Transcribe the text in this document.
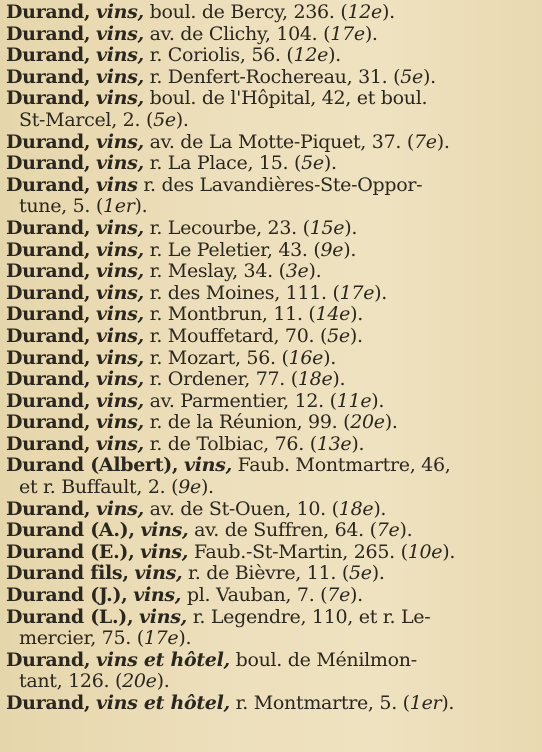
Durand, vins, boul. de Bercy, 236. (12e).
Durand, vins, av. de Clichy, 104. (17e).
Durand, vins, r. Coriolis, 56. (12e).
Durand, vins, r. Denfert-Rochereau, 31. (5e).
Durand, vins, boul. de l'Hôpital, 42, et boul.
St-Marcel, 2. (5e).
Durand, vins, av. de La Motte-Piquet, 37. (7e).
Durand, vins, r. La Place, 15. (5e).
Durand, vins r. des Lavandières-Ste-Oppor-
tune, 5. (1er).
Durand, vins, r. Lecourbe, 23. (15e).
Durand, vins, r. Le Peletier, 43. (9e).
Durand, vins, r. Meslay, 34. (3e).
Durand, vins, r. des Moines, 111. (17e).
Durand, vins, r. Montbrun, 11. (14e).
Durand, vins, r. Mouffetard, 70. (5e).
Durand, vins, r. Mozart, 56. (16e).
Durand, vins, r. Ordener, 77. (18e).
Durand, vins, av. Parmentier, 12. (11e).
Durand, vins, r. de la Réunion, 99. (20e).
Durand, vins, r. de Tolbiac, 76. (13e).
Durand (Albert), vins, Faub. Montmartre, 46,
et r. Buffault, 2. (9e).
Durand, vins, av. de St-Ouen, 10. (18e).
Durand (A.), vins, av. de Suffren, 64. (7e).
Durand (E.), vins, Faub.-St-Martin, 265. (10e).
Durand fils, vins, r. de Bièvre, 11. (5e).
Durand (J.), vins, pl. Vauban, 7. (7e).
Durand (L.), vins, r. Legendre, 110, et r. Le-
mercier, 75. (17e).
Durand, vins et hôtel, boul. de Ménilmon-
tant, 126. (20e).
Durand, vins et hôtel, r. Montmartre, 5. (1er).
